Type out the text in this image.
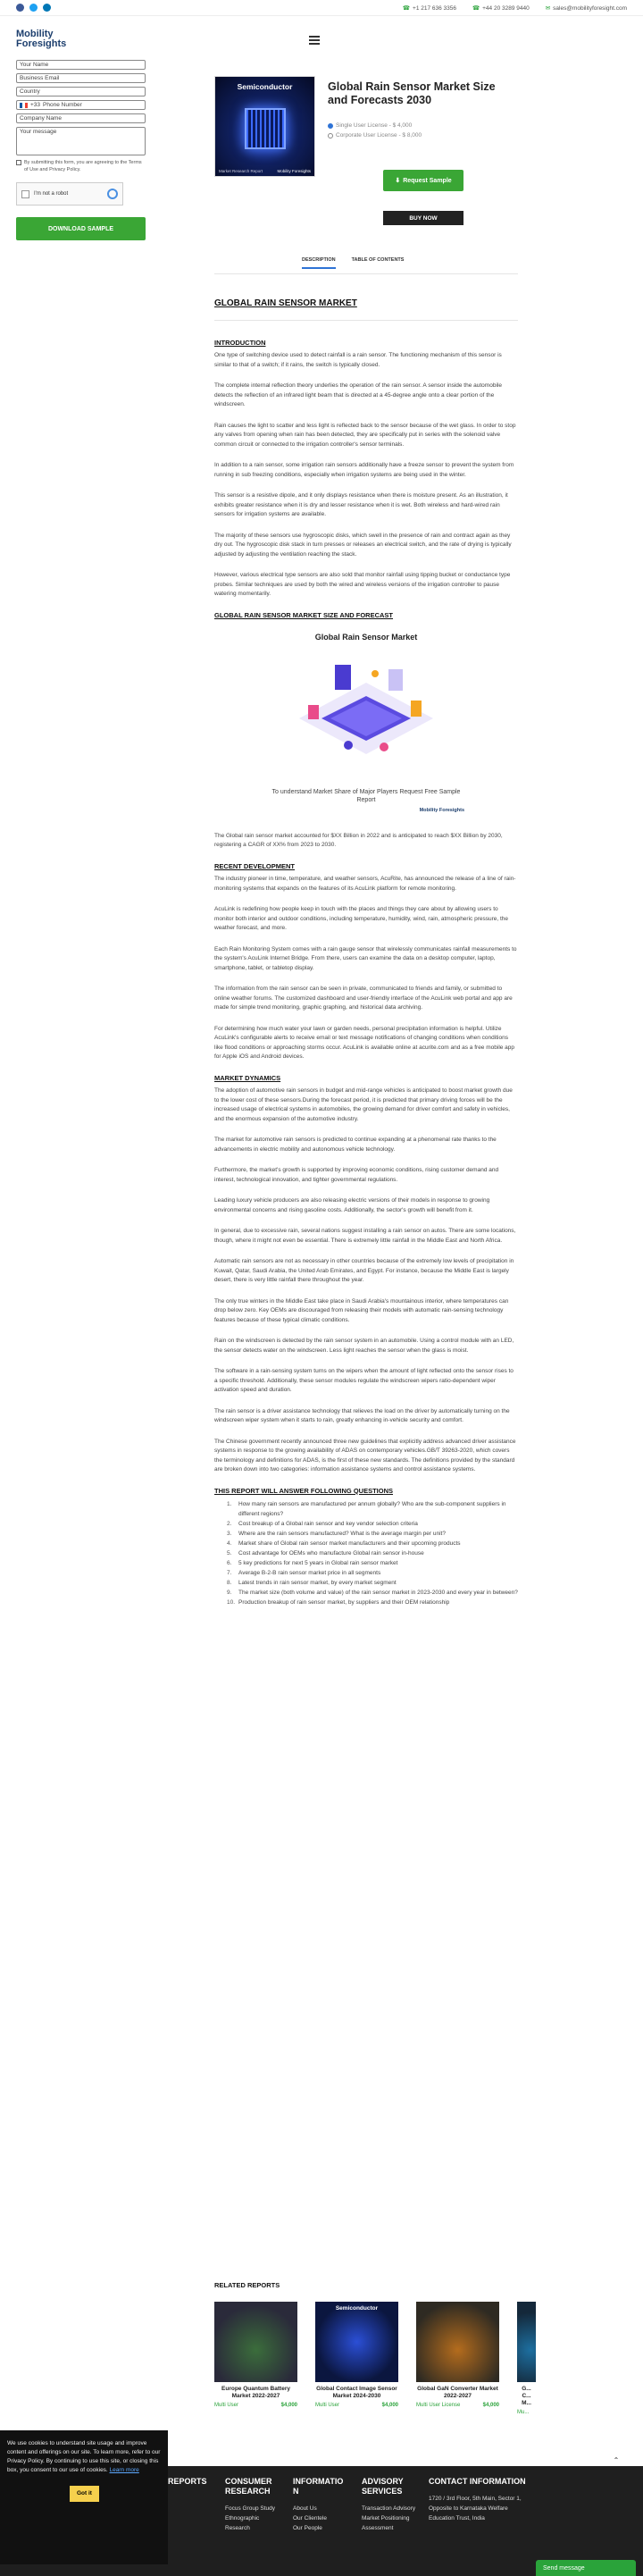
☎ +1 217 636 3356	☎ +44 20 3289 9440	✉ sales@mobilityforesight.com
Mobility
Foresights
Your Name
Business Email
Country
+33 Phone Number
Company Name
Your message
By submitting this form, you are agreeing to the Terms of Use and Privacy Policy.
I'm not a robot
DOWNLOAD SAMPLE
Semiconductor
Market Research Report	Mobility Foresights
Global Rain Sensor Market Size and Forecasts 2030
Single User License - $ 4,000
Corporate User License - $ 8,000
⬇ Request Sample
BUY NOW
DESCRIPTION	TABLE OF CONTENTS
GLOBAL RAIN SENSOR MARKET
INTRODUCTION
One type of switching device used to detect rainfall is a rain sensor. The functioning mechanism of this sensor is similar to that of a switch; if it rains, the switch is typically closed.
The complete internal reflection theory underlies the operation of the rain sensor. A sensor inside the automobile detects the reflection of an infrared light beam that is directed at a 45-degree angle onto a clear portion of the windscreen.
Rain causes the light to scatter and less light is reflected back to the sensor because of the wet glass. In order to stop any valves from opening when rain has been detected, they are specifically put in series with the solenoid valve common circuit or connected to the irrigation controller's sensor terminals.
In addition to a rain sensor, some irrigation rain sensors additionally have a freeze sensor to prevent the system from running in sub freezing conditions, especially when irrigation systems are being used in the winter.
This sensor is a resistive dipole, and it only displays resistance when there is moisture present. As an illustration, it exhibits greater resistance when it is dry and lesser resistance when it is wet. Both wireless and hard-wired rain sensors for irrigation systems are available.
The majority of these sensors use hygroscopic disks, which swell in the presence of rain and contract again as they dry out. The hygroscopic disk stack in turn presses or releases an electrical switch, and the rate of drying is typically adjusted by adjusting the ventilation reaching the stack.
However, various electrical type sensors are also sold that monitor rainfall using tipping bucket or conductance type probes. Similar techniques are used by both the wired and wireless versions of the irrigation controller to pause watering momentarily.
GLOBAL RAIN SENSOR MARKET SIZE AND FORECAST
Global Rain Sensor Market
To understand Market Share of Major Players Request Free Sample Report
Mobility Foresights
The Global rain sensor market accounted for $XX Billion in 2022 and is anticipated to reach $XX Billion by 2030, registering a CAGR of XX% from 2023 to 2030.
RECENT DEVELOPMENT
The industry pioneer in time, temperature, and weather sensors, AcuRite, has announced the release of a line of rain-monitoring systems that expands on the features of its AcuLink platform for remote monitoring.
AcuLink is redefining how people keep in touch with the places and things they care about by allowing users to monitor both interior and outdoor conditions, including temperature, humidity, wind, rain, atmospheric pressure, the weather forecast, and more.
Each Rain Monitoring System comes with a rain gauge sensor that wirelessly communicates rainfall measurements to the system's AcuLink Internet Bridge. From there, users can examine the data on a desktop computer, laptop, smartphone, tablet, or tabletop display.
The information from the rain sensor can be seen in private, communicated to friends and family, or submitted to online weather forums. The customized dashboard and user-friendly interface of the AcuLink web portal and app are made for simple trend monitoring, graphic graphing, and historical data archiving.
For determining how much water your lawn or garden needs, personal precipitation information is helpful. Utilize AcuLink's configurable alerts to receive email or text message notifications of changing conditions when conditions like flood conditions or approaching storms occur. AcuLink is available online at acurite.com and as a free mobile app for Apple iOS and Android devices.
MARKET DYNAMICS
The adoption of automotive rain sensors in budget and mid-range vehicles is anticipated to boost market growth due to the lower cost of these sensors.During the forecast period, it is predicted that primary driving forces will be the increased usage of electrical systems in automobiles, the growing demand for driver comfort and safety in vehicles, and the enormous expansion of the automotive industry.
The market for automotive rain sensors is predicted to continue expanding at a phenomenal rate thanks to the advancements in electric mobility and autonomous vehicle technology.
Furthermore, the market's growth is supported by improving economic conditions, rising customer demand and interest, technological innovation, and tighter governmental regulations.
Leading luxury vehicle producers are also releasing electric versions of their models in response to growing environmental concerns and rising gasoline costs. Additionally, the sector's growth will benefit from it.
In general, due to excessive rain, several nations suggest installing a rain sensor on autos. There are some locations, though, where it might not even be essential. There is extremely little rainfall in the Middle East and North Africa.
Automatic rain sensors are not as necessary in other countries because of the extremely low levels of precipitation in Kuwait, Qatar, Saudi Arabia, the United Arab Emirates, and Egypt. For instance, because the Middle East is largely desert, there is very little rainfall there throughout the year.
The only true winters in the Middle East take place in Saudi Arabia's mountainous interior, where temperatures can drop below zero. Key OEMs are discouraged from releasing their models with automatic rain-sensing technology features because of these typical climatic conditions.
Rain on the windscreen is detected by the rain sensor system in an automobile. Using a control module with an LED, the sensor detects water on the windscreen. Less light reaches the sensor when the glass is moist.
The software in a rain-sensing system turns on the wipers when the amount of light reflected onto the sensor rises to a specific threshold. Additionally, these sensor modules regulate the windscreen wipers ratio-dependent wiper activation speed and duration.
The rain sensor is a driver assistance technology that relieves the load on the driver by automatically turning on the windscreen wiper system when it starts to rain, greatly enhancing in-vehicle security and comfort.
The Chinese government recently announced three new guidelines that explicitly address advanced driver assistance systems in response to the growing availability of ADAS on contemporary vehicles.GB/T 39263-2020, which covers the terminology and definitions for ADAS, is the first of these new standards. The definitions provided by the standard are broken down into two categories: information assistance systems and control assistance systems.
THIS REPORT WILL ANSWER FOLLOWING QUESTIONS
1.	How many rain sensors are manufactured per annum globally? Who are the sub-component suppliers in different regions?
2.	Cost breakup of a Global rain sensor and key vendor selection criteria
3.	Where are the rain sensors manufactured? What is the average margin per unit?
4.	Market share of Global rain sensor market manufacturers and their upcoming products
5.	Cost advantage for OEMs who manufacture Global rain sensor in-house
6.	5 key predictions for next 5 years in Global rain sensor market
7.	Average B-2-B rain sensor market price in all segments
8.	Latest trends in rain sensor market, by every market segment
9.	The market size (both volume and value) of the rain sensor market in 2023-2030 and every year in between?
10. Production breakup of rain sensor market, by suppliers and their OEM relationship
RELATED REPORTS
Europe Quantum Battery Market 2022-2027
Multi User	$4,000
Semiconductor
Global Contact Image Sensor Market 2024-2030
Multi User	$4,000
Global GaN Converter Market 2022-2027
Multi User License	$4,000
G... C... M...
Mu...
REPORTS CONSUMER RESEARCH
Focus Group Study
Ethnographic Research
INFORMATIO N
About Us
Our Clientele
Our People
ADVISORY SERVICES
Transaction Advisory
Market Positioning Assessment
CONTACT INFORMATION
1720 / 3rd Floor, 5th Main, Sector 1, Opposite to Karnataka Welfare Education Trust, India
⌃
We use cookies to understand site usage and improve content and offerings on our site. To learn more, refer to our Privacy Policy. By continuing to use this site, or closing this box, you consent to our use of cookies. Learn more
Got it
Send message
